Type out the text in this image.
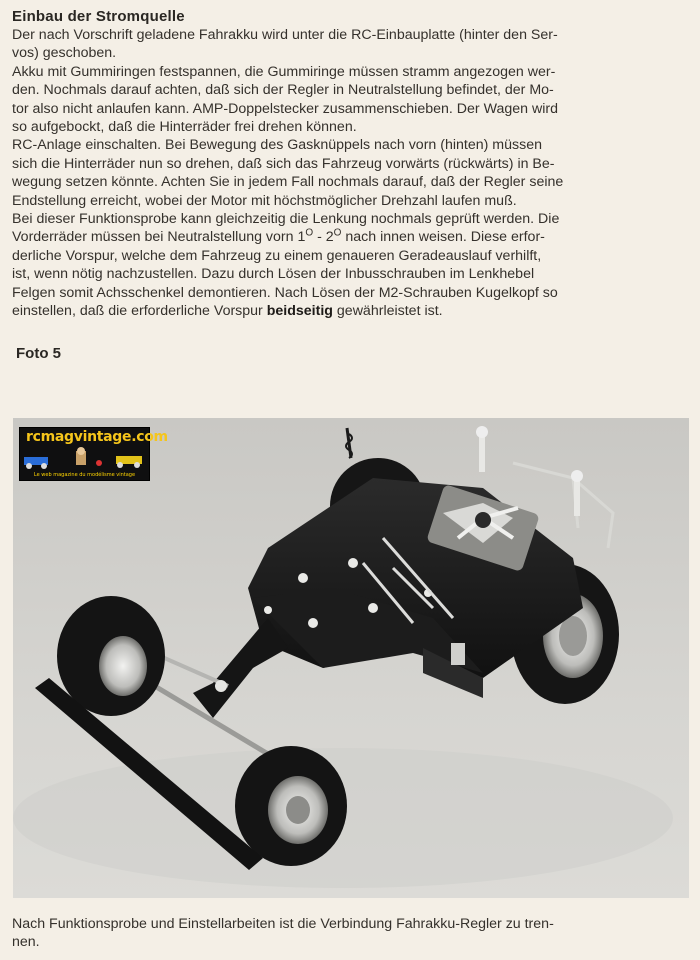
Einbau der Stromquelle

Der nach Vorschrift geladene Fahrakku wird unter die RC-Einbauplatte (hinter den Ser-

vos) geschoben.

Akku mit Gummiringen festspannen, die Gummiringe müssen stramm angezogen wer-

den. Nochmals darauf achten, daß sich der Regler in Neutralstellung befindet, der Mo-

tor also nicht anlaufen kann. AMP-Doppelstecker zusammenschieben. Der Wagen wird

so aufgebockt, daß die Hinterräder frei drehen können.

RC-Anlage einschalten. Bei Bewegung des Gasknüppels nach vorn (hinten) müssen

sich die Hinterräder nun so drehen, daß sich das Fahrzeug vorwärts (rückwärts) in Be-

wegung setzen könnte. Achten Sie in jedem Fall nochmals darauf, daß der Regler seine

Endstellung erreicht, wobei der Motor mit höchstmöglicher Drehzahl laufen muß.

Bei dieser Funktionsprobe kann gleichzeitig die Lenkung nochmals geprüft werden. Die

Vorderräder müssen bei Neutralstellung vorn $1^O - 2^O$ nach innen weisen. Diese erfor-

derliche Vorspur, welche dem Fahrzeug zu einem genaueren Geradeauslauf verhilft,

ist, wenn nötig nachzustellen. Dazu durch Lösen der Inbusschrauben im Lenkhebel

Felgen somit Achsschenkel demontieren. Nach Lösen der M2-Schrauben Kugelkopf so

einstellen, daß die erforderliche Vorspur beidseitig gewährleistet ist.

Foto 5
rcmagvintage.com
Le web magazine du modélisme vintage

Nach Funktionsprobe und Einstellarbeiten ist die Verbindung Fahrakku-Regler zu tren-

nen.
